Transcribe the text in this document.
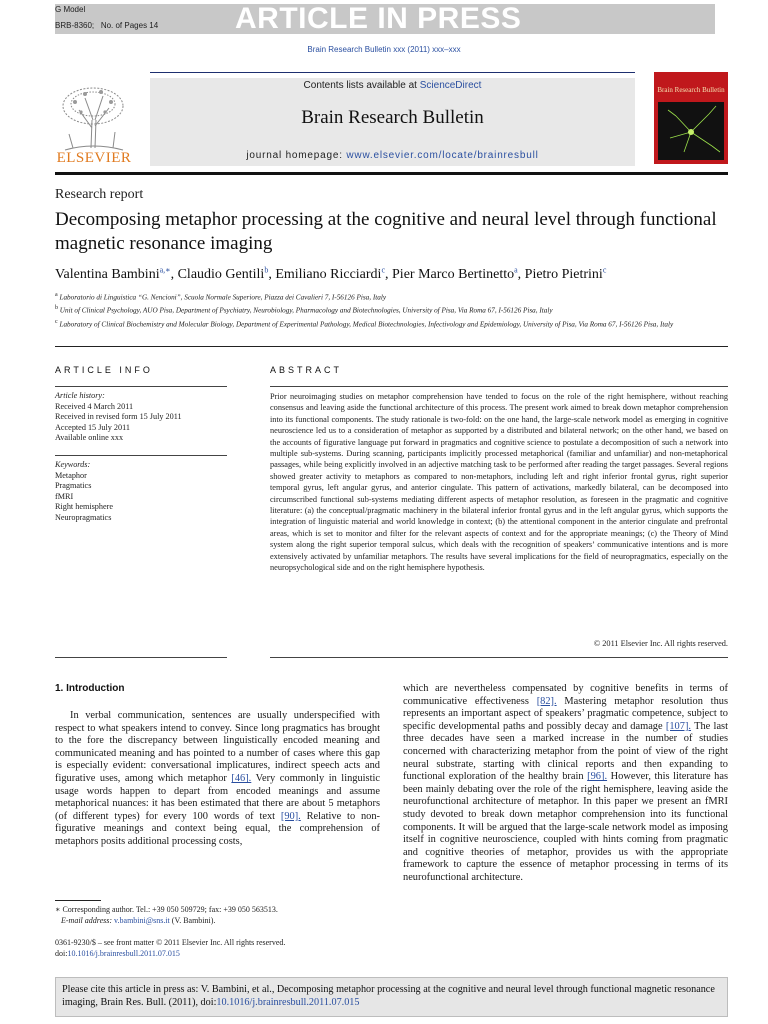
G Model
BRB-8360; No. of Pages 14	ARTICLE IN PRESS
Brain Research Bulletin xxx (2011) xxx–xxx
Contents lists available at ScienceDirect
Brain Research Bulletin
journal homepage: www.elsevier.com/locate/brainresbull
ELSEVIER
Brain Research Bulletin
Research report
Decomposing metaphor processing at the cognitive and neural level through functional magnetic resonance imaging
Valentina Bambini$^{a,∗}$, Claudio Gentili$^b$, Emiliano Ricciardi$^c$, Pier Marco Bertinetto$^a$, Pietro Pietrini$^c$
$^a$ Laboratorio di Linguistica “G. Nencioni”, Scuola Normale Superiore, Piazza dei Cavalieri 7, I-56126 Pisa, Italy
$^b$ Unit of Clinical Psychology, AUO Pisa, Department of Psychiatry, Neurobiology, Pharmacology and Biotechnologies, University of Pisa, Via Roma 67, I-56126 Pisa, Italy
$^c$ Laboratory of Clinical Biochemistry and Molecular Biology, Department of Experimental Pathology, Medical Biotechnologies, Infectivology and Epidemiology, University of Pisa, Via Roma 67, I-56126 Pisa, Italy
ARTICLE INFO
Article history:
Received 4 March 2011
Received in revised form 15 July 2011
Accepted 15 July 2011
Available online xxx
Keywords:
Metaphor
Pragmatics
fMRI
Right hemisphere
Neuropragmatics
ABSTRACT
Prior neuroimaging studies on metaphor comprehension have tended to focus on the role of the right hemisphere, without reaching consensus and leaving aside the functional architecture of this process. The present work aimed to break down metaphor comprehension into its functional components. The study rationale is two-fold: on the one hand, the large-scale network model as emerging in cognitive neuroscience led us to a consideration of metaphor as supported by a distributed and bilateral network; on the other hand, we based on the accounts of figurative language put forward in pragmatics and cognitive science to postulate a decomposition of such a network into multiple sub-systems. During scanning, participants implicitly processed metaphorical (familiar and unfamiliar) and non-metaphorical passages, while being explicitly involved in an adjective matching task to be performed after reading the target passages. Several regions showed greater activity to metaphors as compared to non-metaphors, including left and right inferior frontal gyrus, right superior temporal gyrus, left angular gyrus, and anterior cingulate. This pattern of activations, markedly bilateral, can be decomposed into circumscribed functional sub-systems mediating different aspects of metaphor resolution, as foreseen in the pragmatic and cognitive literature: (a) the conceptual/pragmatic machinery in the bilateral inferior frontal gyrus and in the left angular gyrus, which supports the integration of linguistic material and world knowledge in context; (b) the attentional component in the anterior cingulate and prefrontal areas, which is set to monitor and filter for the relevant aspects of context and for the appropriate meanings; (c) the Theory of Mind system along the right superior temporal sulcus, which deals with the recognition of speakers’ communicative intentions and is more extensively activated by unfamiliar metaphors. The results have several implications for the field of neuropragmatics, especially on the neuropsychological side and on the right hemisphere hypothesis.
© 2011 Elsevier Inc. All rights reserved.
1. Introduction
In verbal communication, sentences are usually underspecified with respect to what speakers intend to convey. Since long pragmatics has brought to the fore the discrepancy between linguistically encoded meaning and communicated meaning and has pointed to a number of cases where this gap is especially evident: conversational implicatures, indirect speech acts and figurative uses, among which metaphor [46]. Very commonly in linguistic usage words happen to depart from encoded meanings and assume metaphorical nuances: it has been estimated that there are about 5 metaphors (of different types) for every 100 words of text [90]. Relative to non-figurative meanings and context being equal, the comprehension of metaphors posits additional processing costs,
which are nevertheless compensated by cognitive benefits in terms of communicative effectiveness [82]. Mastering metaphor resolution thus represents an important aspect of speakers’ pragmatic competence, subject to specific developmental paths and possibly decay and damage [107]. The last three decades have seen a marked increase in the number of studies concerned with characterizing metaphor from the point of view of the right neural substrate, starting with clinical reports and then expanding to functional exploration of the healthy brain [96]. However, this literature has been mainly debating over the role of the right hemisphere, leaving aside the neurofunctional architecture of metaphor. In this paper we present an fMRI study devoted to break down metaphor comprehension into its functional components. It will be argued that the large-scale network model as imposing itself in cognitive neuroscience, coupled with hints coming from pragmatic and cognitive theories of metaphor, provides us with the appropriate framework to capture the essence of metaphor processing in terms of its neurofunctional architecture.
∗ Corresponding author. Tel.: +39 050 509729; fax: +39 050 563513.
E-mail address: v.bambini@sns.it (V. Bambini).
0361-9230/$ – see front matter © 2011 Elsevier Inc. All rights reserved.
doi:10.1016/j.brainresbull.2011.07.015
Please cite this article in press as: V. Bambini, et al., Decomposing metaphor processing at the cognitive and neural level through functional magnetic resonance imaging, Brain Res. Bull. (2011), doi:10.1016/j.brainresbull.2011.07.015
